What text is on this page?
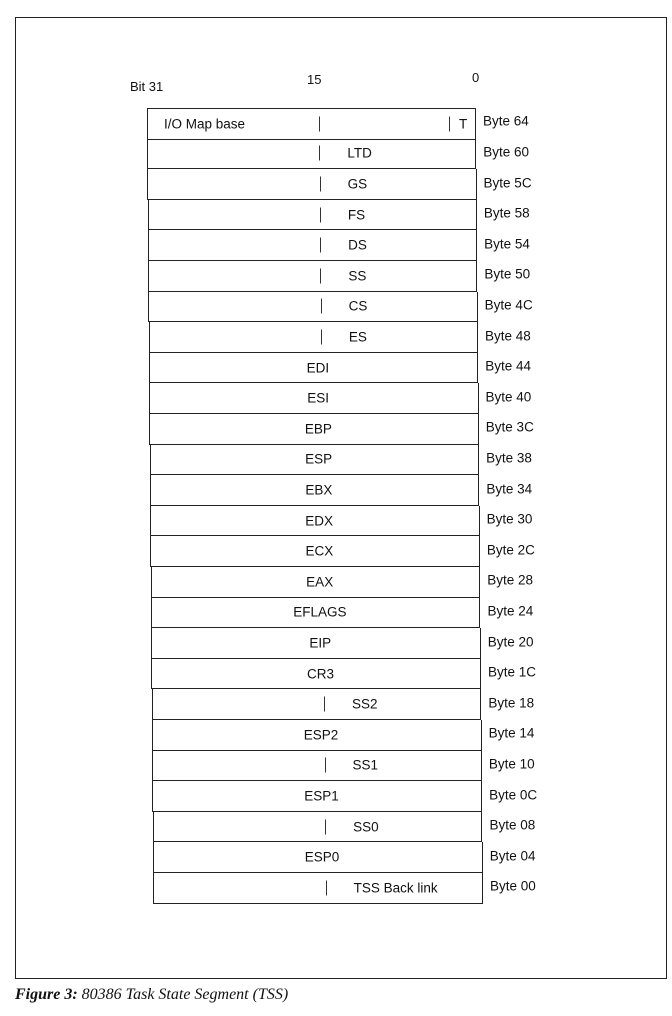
Bit 31	15	0
I/O Map base	T Byte 64
LTD	Byte 60
GS	Byte 5C
FS	Byte 58
DS	Byte 54
SS	Byte 50
CS	Byte 4C
ES	Byte 48
EDI	Byte 44
ESI	Byte 40
EBP	Byte 3C
ESP	Byte 38
EBX	Byte 34
EDX	Byte 30
ECX	Byte 2C
EAX	Byte 28
EFLAGS	Byte 24
EIP	Byte 20
CR3	Byte 1C
SS2	Byte 18
ESP2	Byte 14
SS1	Byte 10
ESP1	Byte 0C
SS0	Byte 08
ESP0	Byte 04
TSS Back link	Byte 00
Figure 3: 80386 Task State Segment (TSS)
